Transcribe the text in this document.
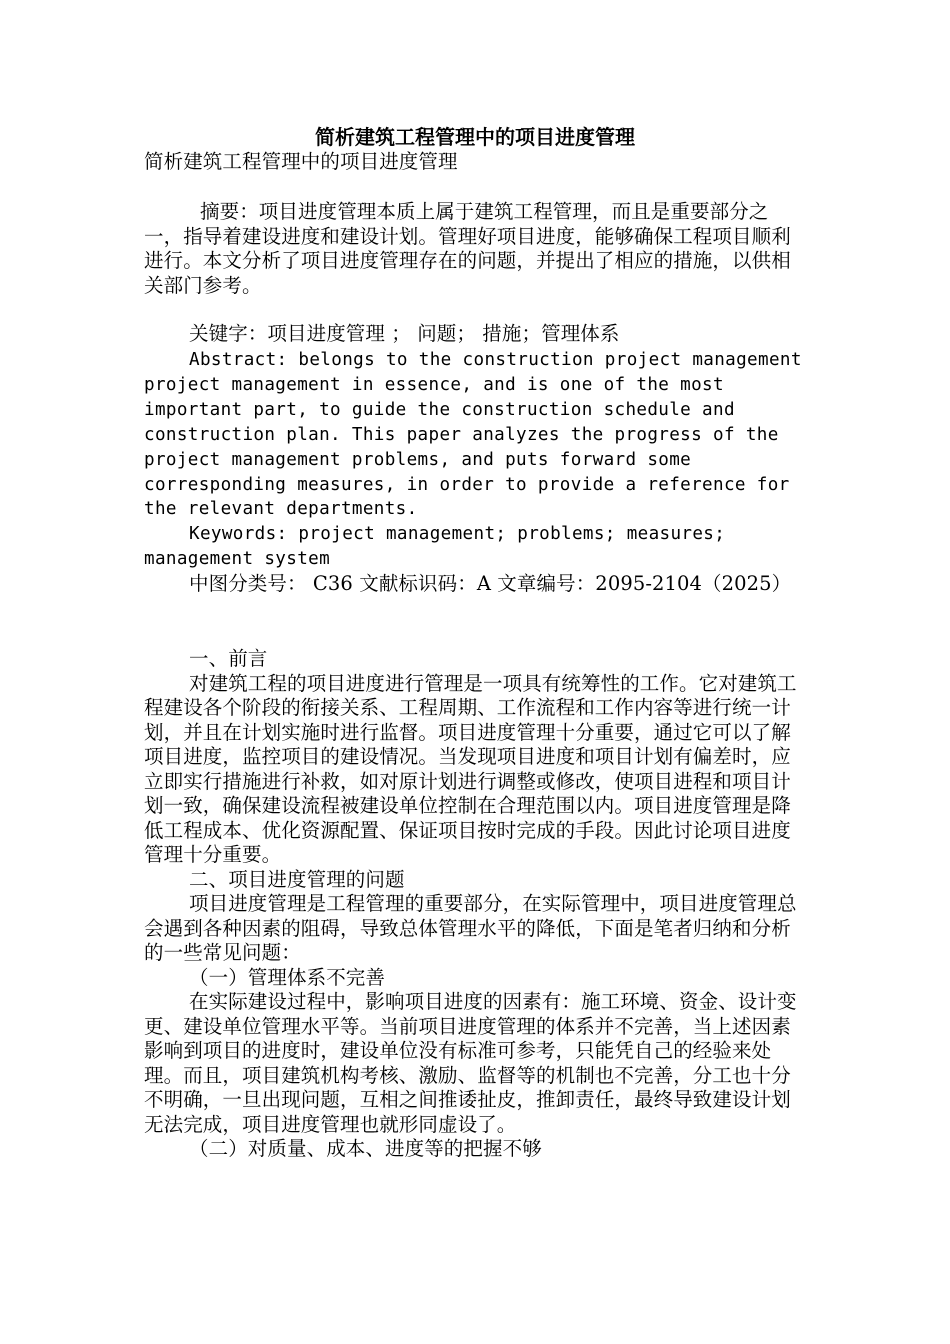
简析建筑工程管理中的项目进度管理

简析建筑工程管理中的项目进度管理

摘要：项目进度管理本质上属于建筑工程管理，而且是重要部分之一，指导着建设进度和建设计划。管理好项目进度，能够确保工程项目顺利进行。本文分析了项目进度管理存在的问题，并提出了相应的措施，以供相关部门参考。

关键字：项目进度管理 ； 问题； 措施；管理体系

Abstract: belongs to the construction project management project management in essence, and is one of the most important part, to guide the construction schedule and construction plan. This paper analyzes the progress of the project management problems, and puts forward some corresponding measures, in order to provide a reference for the relevant departments.

Keywords: project management; problems; measures; management system

中图分类号： C36 文献标识码：A 文章编号：2095-2104（2025）

一、前言

对建筑工程的项目进度进行管理是一项具有统筹性的工作。它对建筑工程建设各个阶段的衔接关系、工程周期、工作流程和工作内容等进行统一计划，并且在计划实施时进行监督。项目进度管理十分重要，通过它可以了解项目进度，监控项目的建设情况。当发现项目进度和项目计划有偏差时，应立即实行措施进行补救，如对原计划进行调整或修改，使项目进程和项目计划一致，确保建设流程被建设单位控制在合理范围以内。项目进度管理是降低工程成本、优化资源配置、保证项目按时完成的手段。因此讨论项目进度管理十分重要。

二、项目进度管理的问题

项目进度管理是工程管理的重要部分，在实际管理中，项目进度管理总会遇到各种因素的阻碍，导致总体管理水平的降低，下面是笔者归纳和分析的一些常见问题：

（一）管理体系不完善

在实际建设过程中，影响项目进度的因素有：施工环境、资金、设计变更、建设单位管理水平等。当前项目进度管理的体系并不完善，当上述因素影响到项目的进度时，建设单位没有标准可参考，只能凭自己的经验来处理。而且，项目建筑机构考核、激励、监督等的机制也不完善，分工也十分不明确，一旦出现问题，互相之间推诿扯皮，推卸责任，最终导致建设计划无法完成，项目进度管理也就形同虚设了。

（二）对质量、成本、进度等的把握不够
